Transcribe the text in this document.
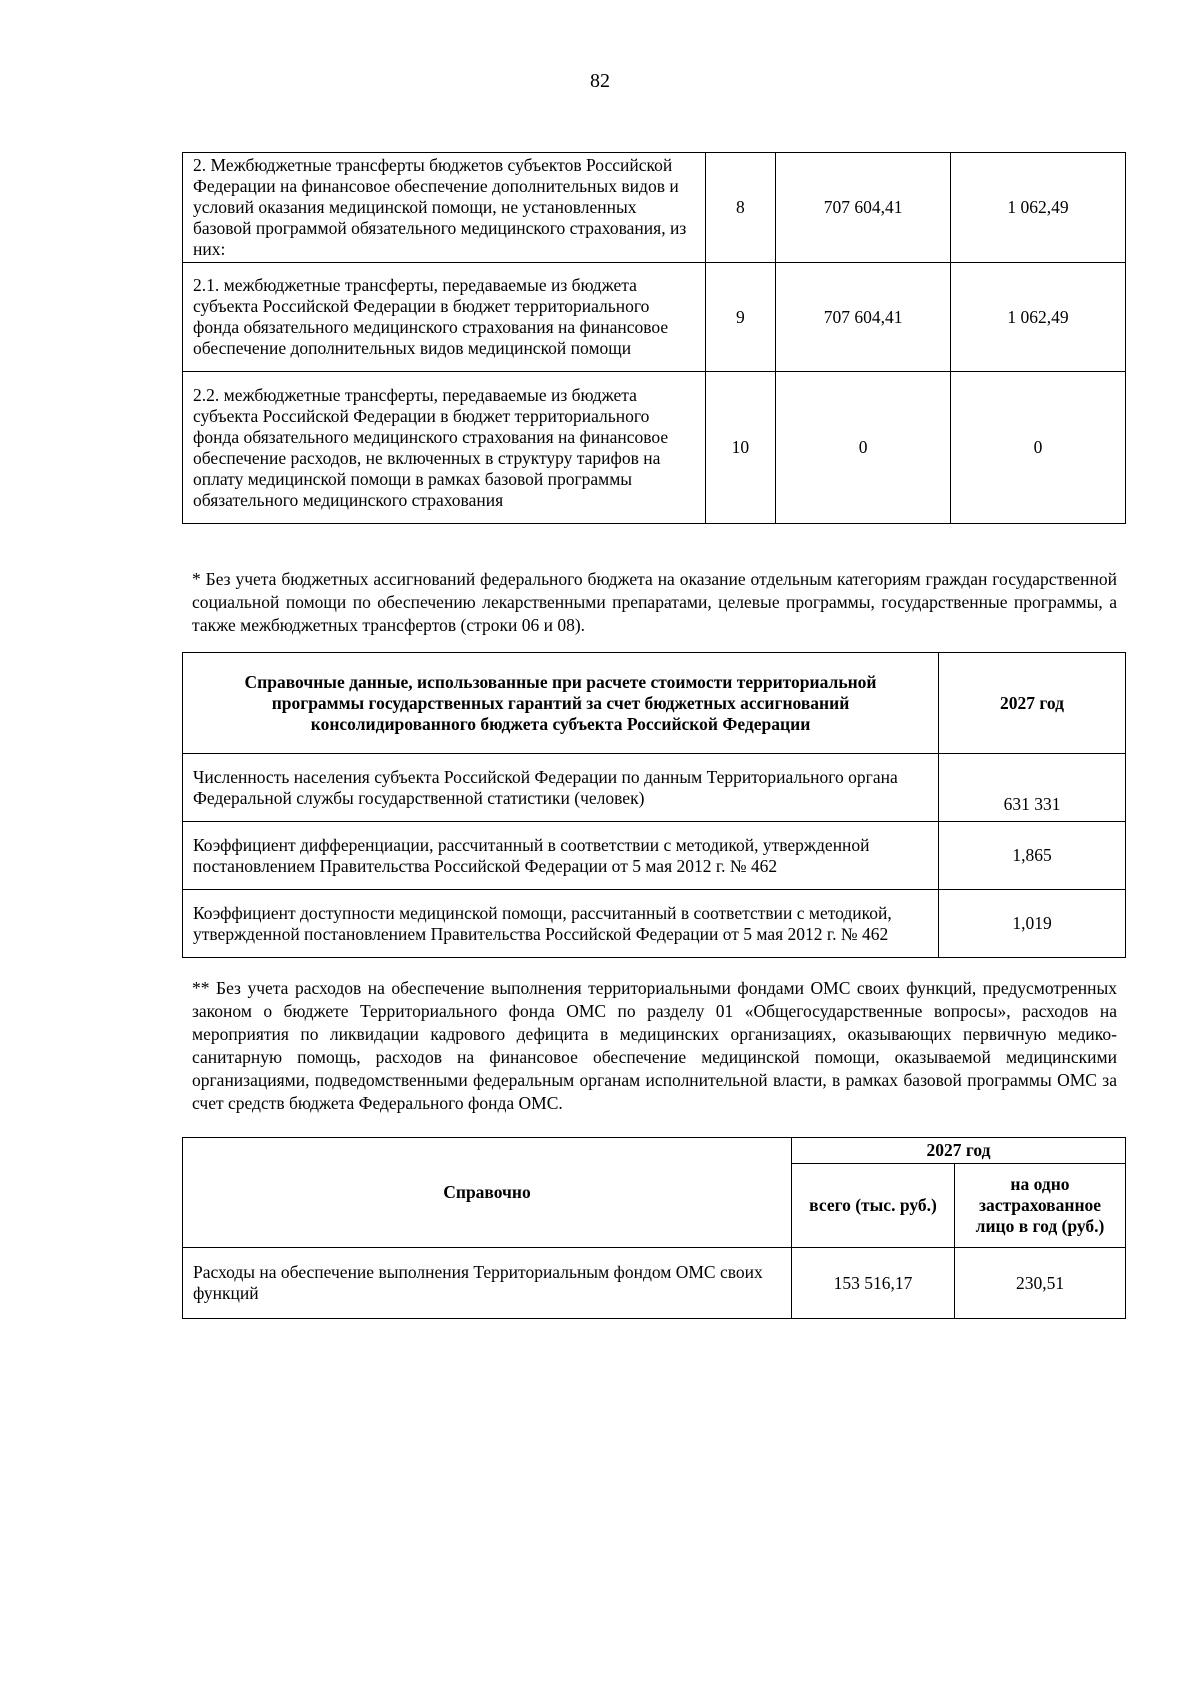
82
2. Межбюджетные трансферты бюджетов субъектов Российской Федерации на финансовое обеспечение дополнительных видов и условий оказания медицинской помощи, не установленных базовой программой обязательного медицинского страхования, из них:	8	707 604,41	1 062,49
2.1. межбюджетные трансферты, передаваемые из бюджета субъекта Российской Федерации в бюджет территориального фонда обязательного медицинского страхования на финансовое обеспечение дополнительных видов медицинской помощи	9	707 604,41	1 062,49
2.2. межбюджетные трансферты, передаваемые из бюджета субъекта Российской Федерации в бюджет территориального фонда обязательного медицинского страхования на финансовое обеспечение расходов, не включенных в структуру тарифов на оплату медицинской помощи в рамках базовой программы обязательного медицинского страхования	10	0	0
* Без учета бюджетных ассигнований федерального бюджета на оказание отдельным категориям граждан государственной социальной помощи по обеспечению лекарственными препаратами, целевые программы, государственные программы, а также межбюджетных трансфертов (строки 06 и 08).
Справочные данные, использованные при расчете стоимости территориальной программы государственных гарантий за счет бюджетных ассигнований консолидированного бюджета субъекта Российской Федерации	2027 год
Численность населения субъекта Российской Федерации по данным Территориального органа Федеральной службы государственной статистики (человек)	631 331
Коэффициент дифференциации, рассчитанный в соответствии с методикой, утвержденной постановлением Правительства Российской Федерации от 5 мая 2012 г. № 462	1,865
Коэффициент доступности медицинской помощи, рассчитанный в соответствии с методикой, утвержденной постановлением Правительства Российской Федерации от 5 мая 2012 г. № 462	1,019
** Без учета расходов на обеспечение выполнения территориальными фондами ОМС своих функций, предусмотренных законом о бюджете Территориального фонда ОМС по разделу 01 «Общегосударственные вопросы», расходов на мероприятия по ликвидации кадрового дефицита в медицинских организациях, оказывающих первичную медико-санитарную помощь, расходов на финансовое обеспечение медицинской помощи, оказываемой медицинскими организациями, подведомственными федеральным органам исполнительной власти, в рамках базовой программы ОМС за счет средств бюджета Федерального фонда ОМС.
Справочно	2027 год	
	всего (тыс. руб.)	на одно застрахованное лицо в год (руб.)
Расходы на обеспечение выполнения Территориальным фондом ОМС своих функций	153 516,17	230,51
